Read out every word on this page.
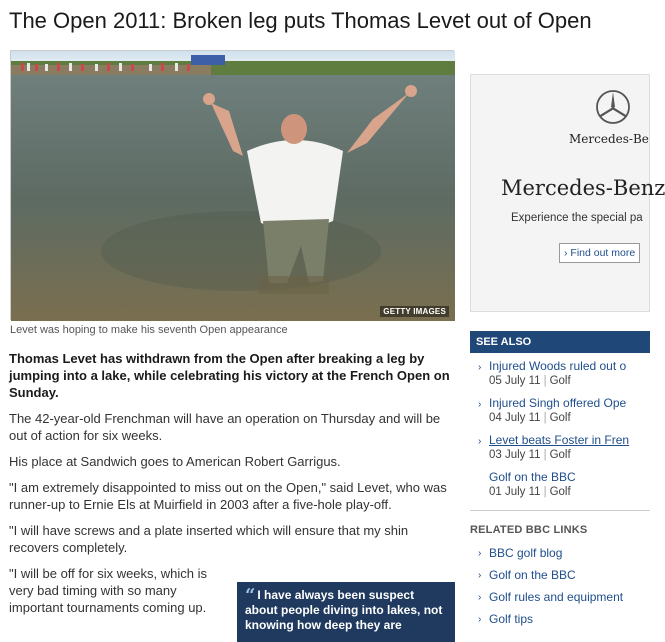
The Open 2011: Broken leg puts Thomas Levet out of Open
GETTY IMAGES
Levet was hoping to make his seventh Open appearance

Thomas Levet has withdrawn from the Open after breaking a leg by jumping into a lake, while celebrating his victory at the French Open on Sunday.

The 42-year-old Frenchman will have an operation on Thursday and will be out of action for six weeks.

His place at Sandwich goes to American Robert Garrigus.

"I am extremely disappointed to miss out on the Open," said Levet, who was runner-up to Ernie Els at Muirfield in 2003 after a five-hole play-off.

"I will have screws and a plate inserted which will ensure that my shin recovers completely.

"I will be off for six weeks, which is very bad timing with so many important tournaments coming up.

“ I have always been suspect about people diving into lakes, not knowing how deep they are
Mercedes-Be
Mercedes-Benz
Experience the special pa
› Find out more
SEE ALSO
› Injured Woods ruled out o
05 July 11 | Golf
› Injured Singh offered Ope
04 July 11 | Golf
› Levet beats Foster in Fren
03 July 11 | Golf
Golf on the BBC
01 July 11 | Golf
RELATED BBC LINKS
› BBC golf blog
› Golf on the BBC
› Golf rules and equipment
› Golf tips
